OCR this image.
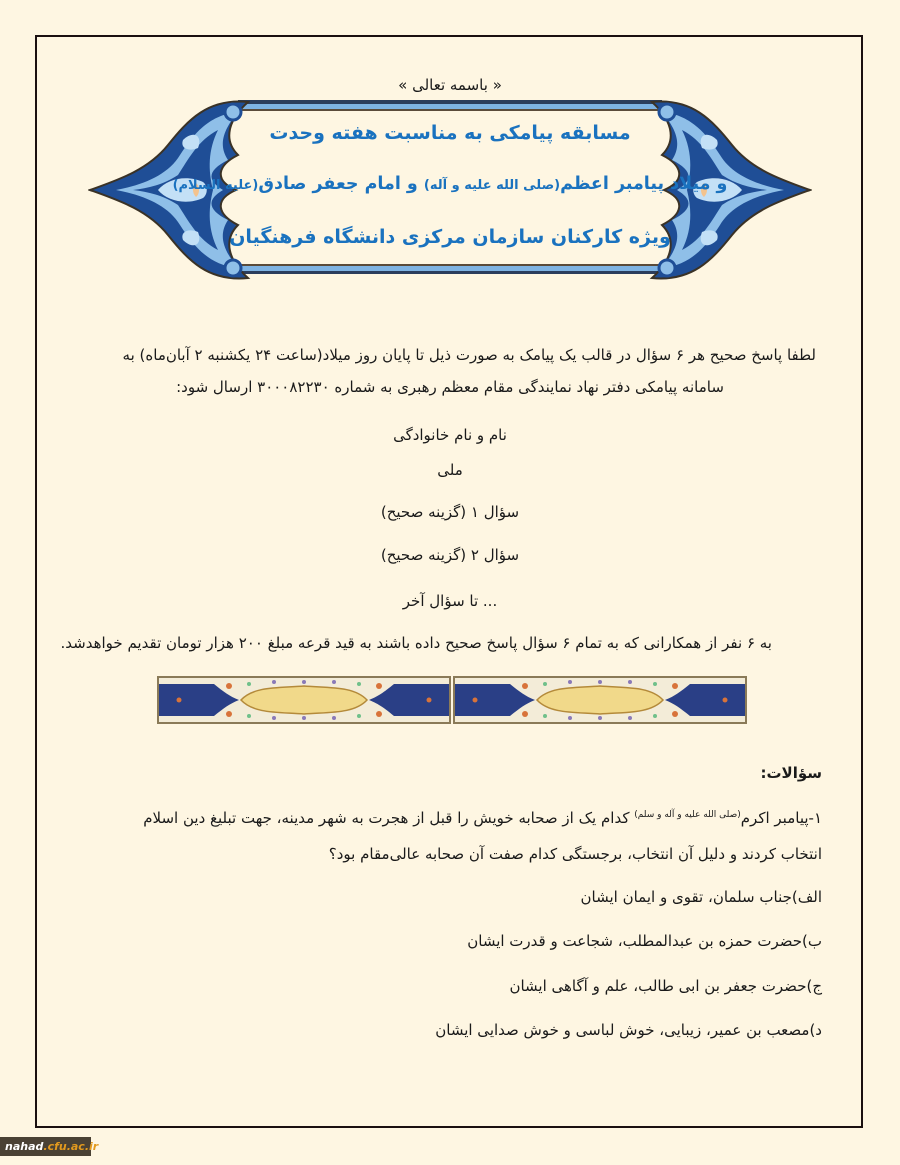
« باسمه تعالی »
مسابقه پیامکی به مناسبت هفته وحدت
و میلاد پیامبر اعظم(صلی الله علیه و آله) و امام جعفر صادق(علیه السلام)
ویژه کارکنان سازمان مرکزی دانشگاه فرهنگیان
لطفا پاسخ صحیح هر ۶ سؤال در قالب یک پیامک به صورت ذیل تا پایان روز میلاد(ساعت ۲۴ یکشنبه ۲ آبان‌ماه) به
سامانه پیامکی دفتر نهاد نمایندگی مقام معظم رهبری به شماره ۳۰۰۰۸۲۲۳۰ ارسال شود:
نام و نام خانوادگی
ملی
سؤال ۱ (گزینه صحیح)
سؤال ۲ (گزینه صحیح)
... تا سؤال آخر
به ۶ نفر از همکارانی که به تمام ۶ سؤال پاسخ صحیح داده باشند به قید قرعه مبلغ ۲۰۰ هزار تومان تقدیم خواهدشد.
سؤالات:
۱-پیامبر اکرم$^{(صلی الله علیه و آله و سلم)}$ کدام یک از صحابه خویش را قبل از هجرت به شهر مدینه، جهت تبلیغ دین اسلام
انتخاب کردند و دلیل آن انتخاب، برجستگی کدام صفت آن صحابه عالی‌مقام بود؟
الف)جناب سلمان، تقوی و ایمان ایشان
ب)حضرت حمزه بن عبدالمطلب، شجاعت و قدرت ایشان
ج)حضرت جعفر بن ابی طالب، علم و آگاهی ایشان
د)مصعب بن عمیر، زیبایی، خوش لباسی و خوش صدایی ایشان
nahad.cfu.ac.ir
